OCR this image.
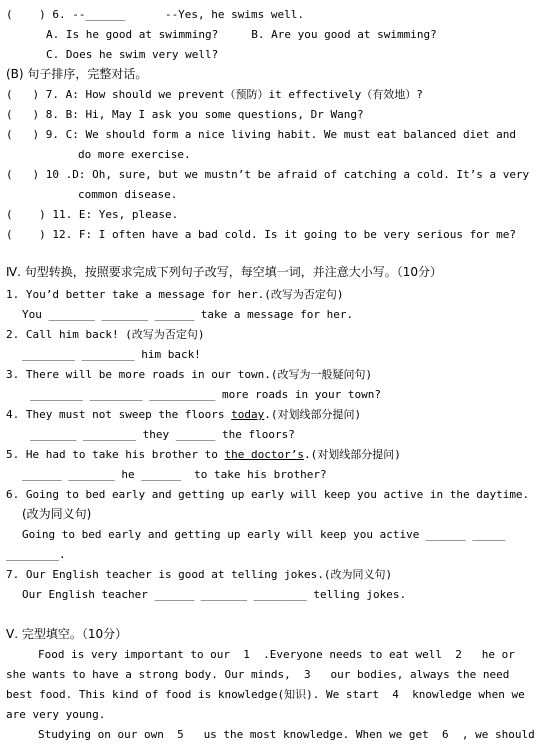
(    ) 6. --______      --Yes, he swims well.
A. Is he good at swimming?     B. Are you good at swimming?
C. Does he swim very well?
(B) 句子排序，完整对话。
(   ) 7. A: How should we prevent（预防）it effectively（有效地）?
(   ) 8. B: Hi, May I ask you some questions, Dr Wang?
(   ) 9. C: We should form a nice living habit. We must eat balanced diet and
do more exercise.
(   ) 10 .D: Oh, sure, but we mustn’t be afraid of catching a cold. It’s a very
common disease.
(    ) 11. E: Yes, please.
(    ) 12. F: I often have a bad cold. Is it going to be very serious for me?
Ⅳ. 句型转换，按照要求完成下列句子改写，每空填一词，并注意大小写。（10分）
1. You’d better take a message for her.(改写为否定句)
You _______ _______ ______ take a message for her.
2. Call him back! (改写为否定句)
________ ________ him back!
3. There will be more roads in our town.(改写为一般疑问句)
________ ________ __________ more roads in your town?
4. They must not sweep the floors today.(对划线部分提问)
_______ ________ they ______ the floors?
5. He had to take his brother to the doctor’s.(对划线部分提问)
______ _______ he ______  to take his brother?
6. Going to bed early and getting up early will keep you active in the daytime.
(改为同义句)
Going to bed early and getting up early will keep you active ______ _____
________.
7. Our English teacher is good at telling jokes.(改为同义句)
Our English teacher ______ _______ ________ telling jokes.
Ⅴ. 完型填空。（10分）
Food is very important to our  1  .Everyone needs to eat well  2   he or
she wants to have a strong body. Our minds,  3   our bodies, always the need
best food. This kind of food is knowledge(知识). We start  4  knowledge when we
are very young.
Studying on our own  5   us the most knowledge. When we get  6  , we should
